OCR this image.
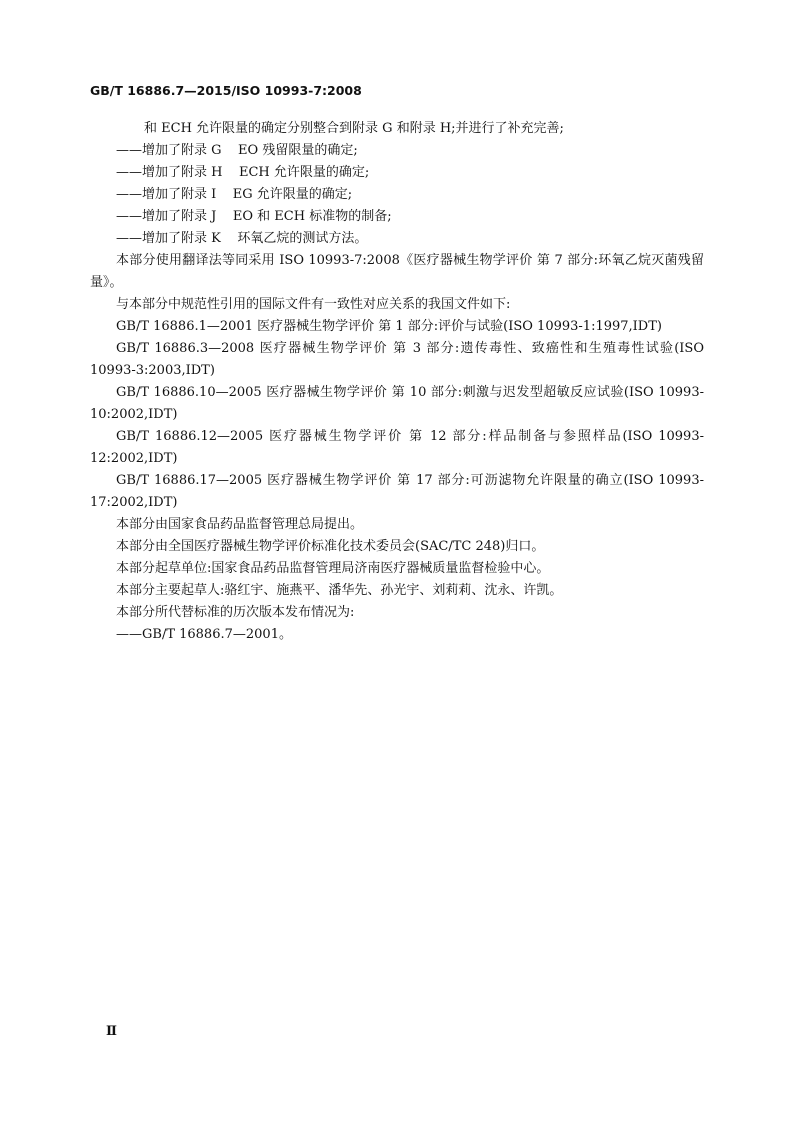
GB/T 16886.7—2015/ISO 10993-7:2008

和 ECH 允许限量的确定分别整合到附录 G 和附录 H;并进行了补充完善;

——增加了附录 G    EO 残留限量的确定;

——增加了附录 H    ECH 允许限量的确定;

——增加了附录 I    EG 允许限量的确定;

——增加了附录 J    EO 和 ECH 标准物的制备;

——增加了附录 K    环氧乙烷的测试方法。

本部分使用翻译法等同采用 ISO 10993-7:2008《医疗器械生物学评价 第 7 部分:环氧乙烷灭菌残留量》。

与本部分中规范性引用的国际文件有一致性对应关系的我国文件如下:

GB/T 16886.1—2001 医疗器械生物学评价 第 1 部分:评价与试验(ISO 10993-1:1997,IDT)

GB/T 16886.3—2008 医疗器械生物学评价 第 3 部分:遗传毒性、致癌性和生殖毒性试验(ISO 10993-3:2003,IDT)

GB/T 16886.10—2005 医疗器械生物学评价 第 10 部分:刺激与迟发型超敏反应试验(ISO 10993-10:2002,IDT)

GB/T 16886.12—2005 医疗器械生物学评价 第 12 部分:样品制备与参照样品(ISO 10993-12:2002,IDT)

GB/T 16886.17—2005 医疗器械生物学评价 第 17 部分:可沥滤物允许限量的确立(ISO 10993-17:2002,IDT)

本部分由国家食品药品监督管理总局提出。

本部分由全国医疗器械生物学评价标准化技术委员会(SAC/TC 248)归口。

本部分起草单位:国家食品药品监督管理局济南医疗器械质量监督检验中心。

本部分主要起草人:骆红宇、施燕平、潘华先、孙光宇、刘莉莉、沈永、许凯。

本部分所代替标准的历次版本发布情况为:

——GB/T 16886.7—2001。

Ⅱ
